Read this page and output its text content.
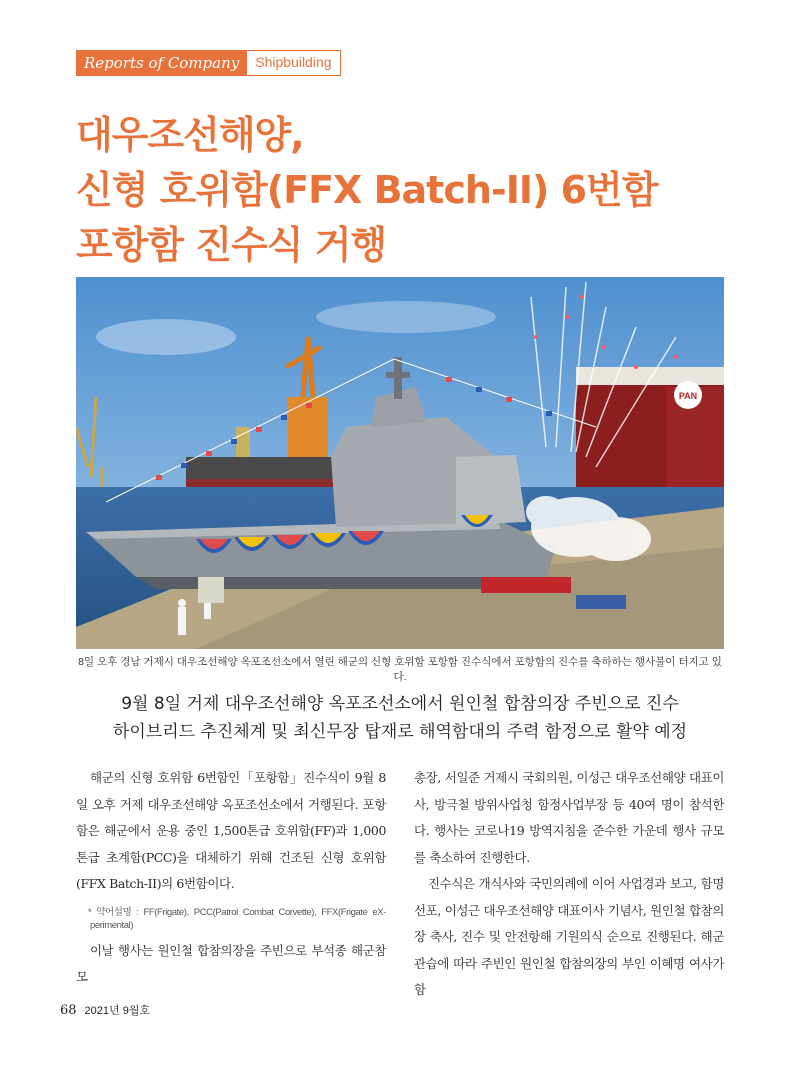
Reports of Company	Shipbuilding
대우조선해양,
신형 호위함(FFX Batch-II) 6번함
포항함 진수식 거행
PAN
8일 오후 경남 거제시 대우조선해양 옥포조선소에서 열린 해군의 신형 호위함 포항함 진수식에서 포항함의 진수를 축하하는 행사불이 터지고 있다.
9월 8일 거제 대우조선해양 옥포조선소에서 원인철 합참의장 주빈으로 진수
하이브리드 추진체계 및 최신무장 탑재로 해역함대의 주력 함정으로 활약 예정

해군의 신형 호위함 6번함인「포항함」진수식이 9월 8일 오후 거제 대우조선해양 옥포조선소에서 거행된다. 포항함은 해군에서 운용 중인 1,500톤급 호위함(FF)과 1,000톤급 초계함(PCC)을 대체하기 위해 건조된 신형 호위함(FFX Batch-II)의 6번함이다.

* 약어설명 : FF(Frigate), PCC(Patrol Combat Corvette), FFX(Frigate eX-perimental)

이날 행사는 원인철 합참의장을 주빈으로 부석종 해군참모

총장, 서일준 거제시 국회의원, 이성근 대우조선해양 대표이사, 방극철 방위사업청 함정사업부장 등 40여 명이 참석한다. 행사는 코로나19 방역지침을 준수한 가운데 행사 규모를 축소하여 진행한다.

진수식은 개식사와 국민의례에 이어 사업경과 보고, 함명선포, 이성근 대우조선해양 대표이사 기념사, 원인철 합참의장 축사, 진수 및 안전항해 기원의식 순으로 진행된다. 해군 관습에 따라 주빈인 원인철 합참의장의 부인 이혜명 여사가 함

68 2021년 9월호
